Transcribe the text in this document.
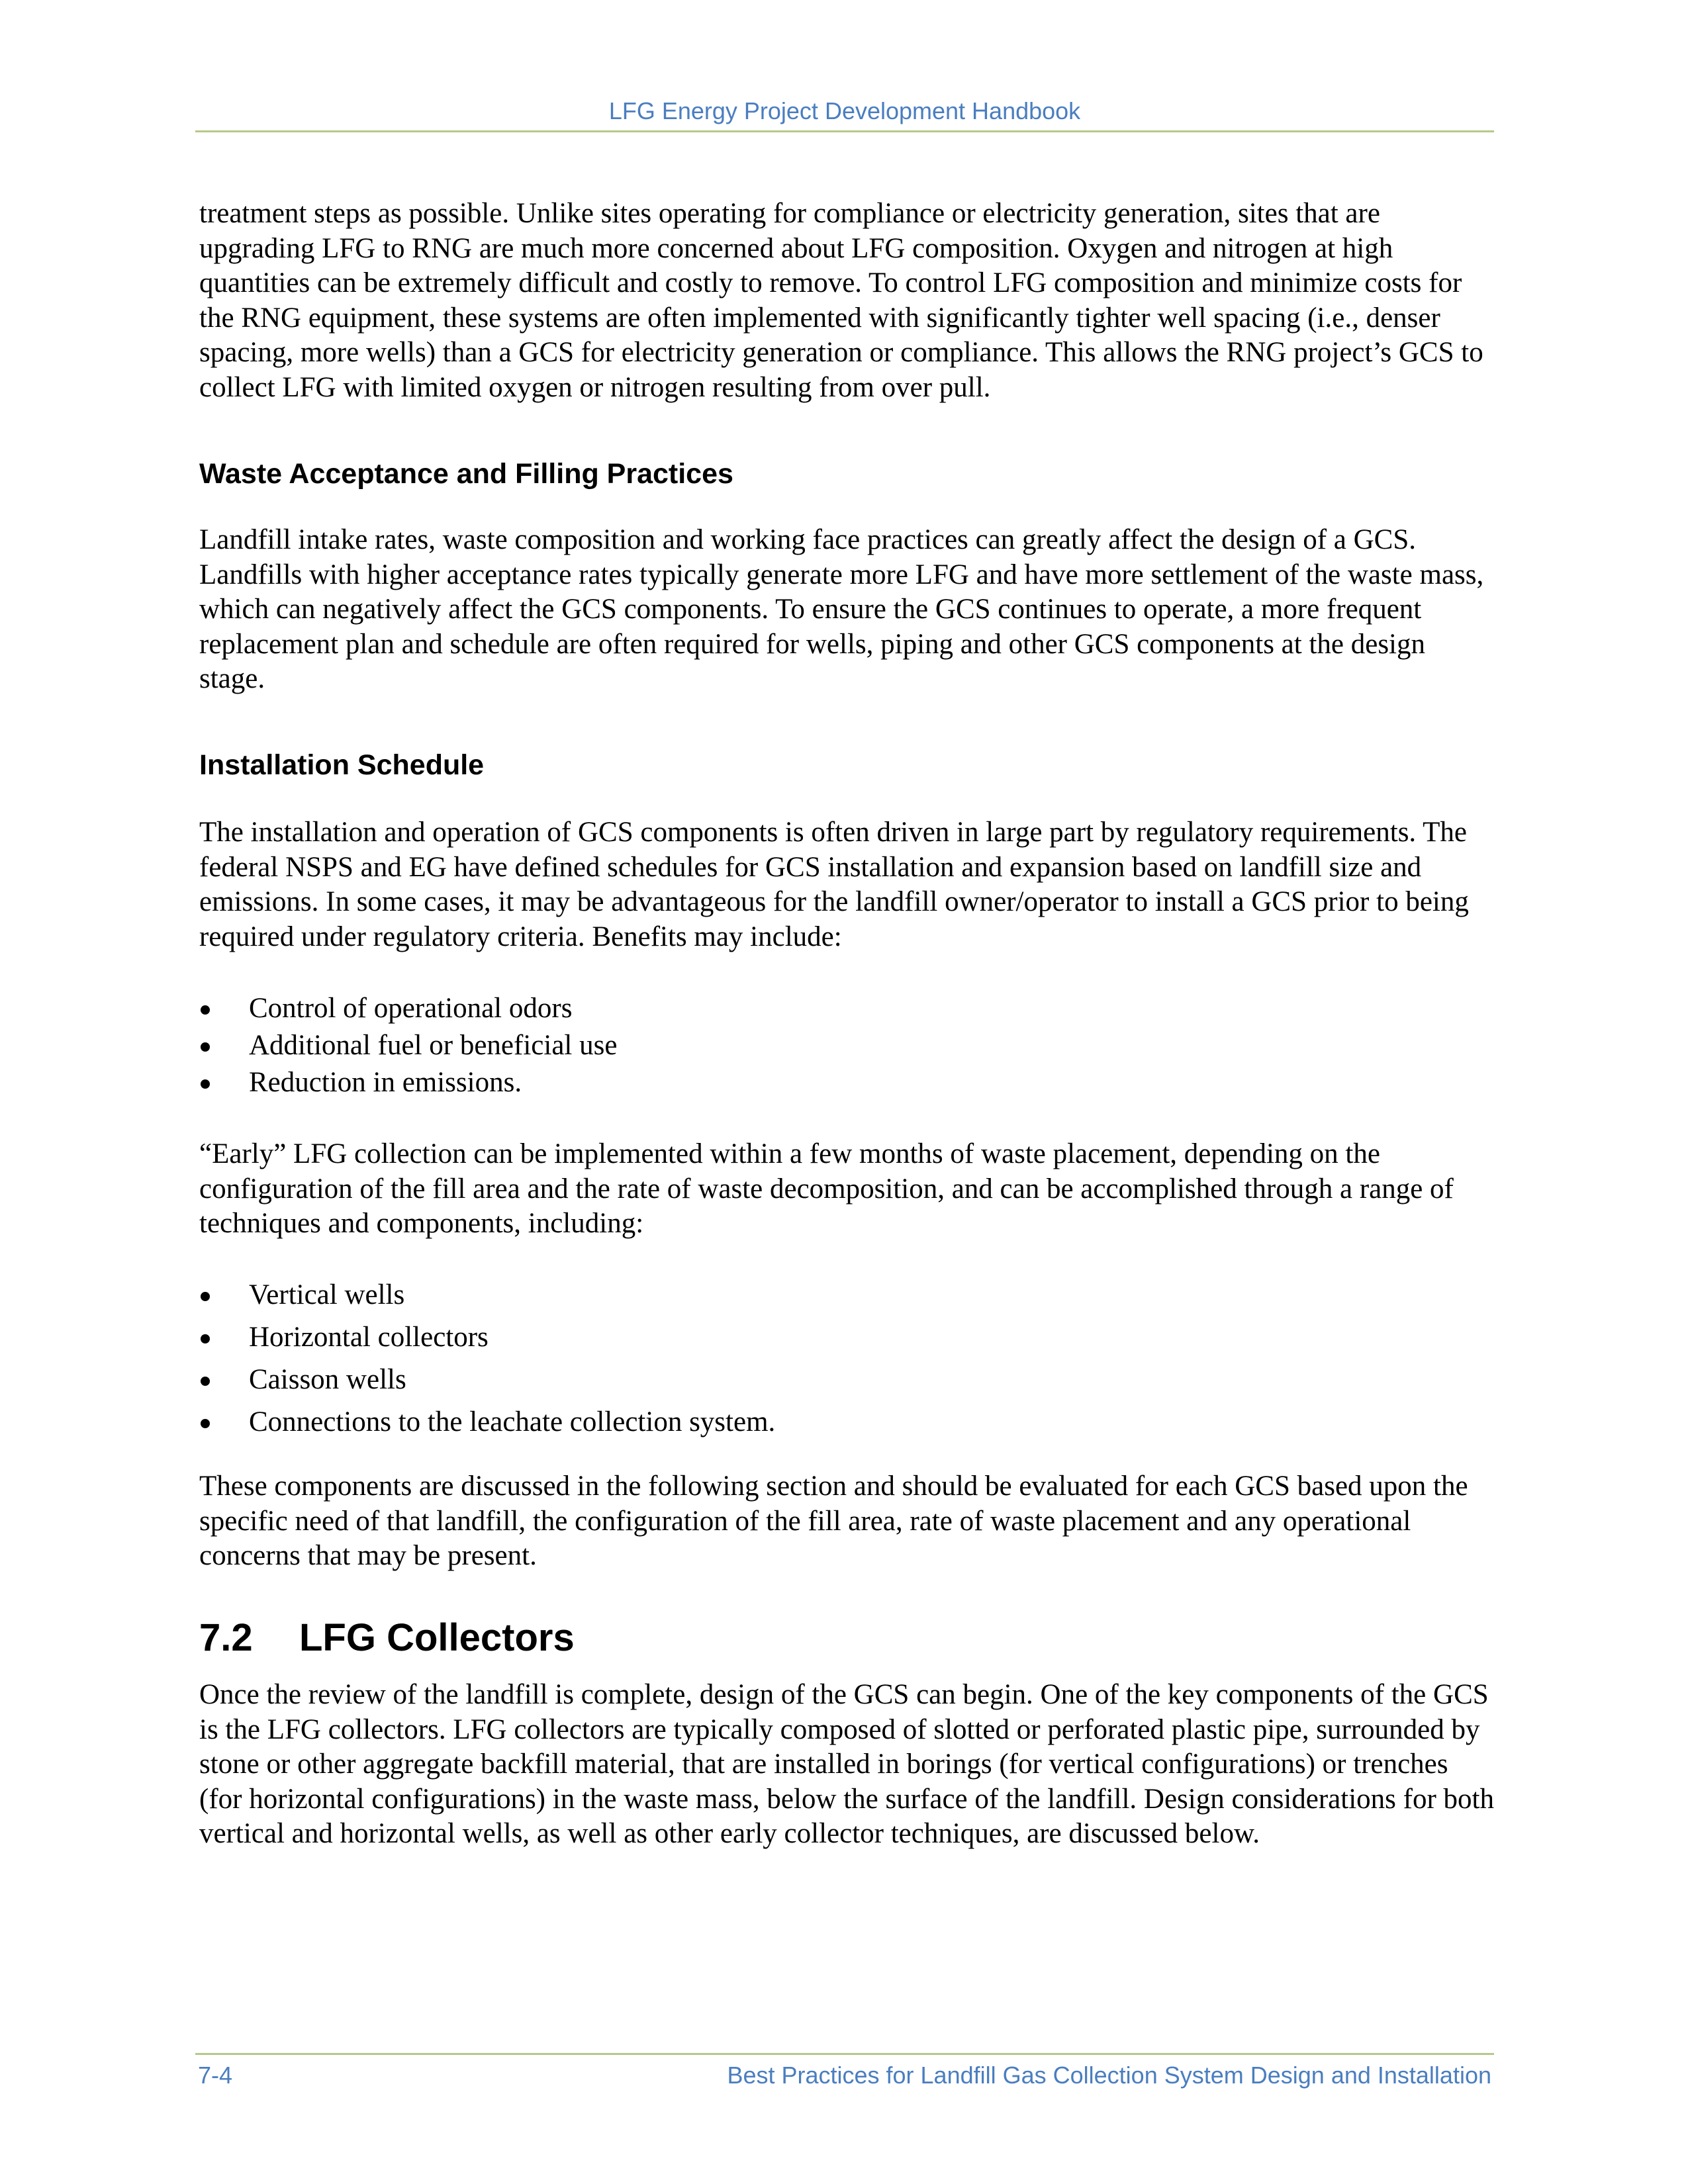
LFG Energy Project Development Handbook

treatment steps as possible. Unlike sites operating for compliance or electricity generation, sites that are upgrading LFG to RNG are much more concerned about LFG composition. Oxygen and nitrogen at high quantities can be extremely difficult and costly to remove. To control LFG composition and minimize costs for the RNG equipment, these systems are often implemented with significantly tighter well spacing (i.e., denser spacing, more wells) than a GCS for electricity generation or compliance. This allows the RNG project’s GCS to collect LFG with limited oxygen or nitrogen resulting from over pull.

Waste Acceptance and Filling Practices

Landfill intake rates, waste composition and working face practices can greatly affect the design of a GCS. Landfills with higher acceptance rates typically generate more LFG and have more settlement of the waste mass, which can negatively affect the GCS components. To ensure the GCS continues to operate, a more frequent replacement plan and schedule are often required for wells, piping and other GCS components at the design stage.

Installation Schedule

The installation and operation of GCS components is often driven in large part by regulatory requirements. The federal NSPS and EG have defined schedules for GCS installation and expansion based on landfill size and emissions. In some cases, it may be advantageous for the landfill owner/operator to install a GCS prior to being required under regulatory criteria. Benefits may include:

Control of operational odors
Additional fuel or beneficial use
Reduction in emissions.

“Early” LFG collection can be implemented within a few months of waste placement, depending on the configuration of the fill area and the rate of waste decomposition, and can be accomplished through a range of techniques and components, including:

Vertical wells
Horizontal collectors
Caisson wells
Connections to the leachate collection system.

These components are discussed in the following section and should be evaluated for each GCS based upon the specific need of that landfill, the configuration of the fill area, rate of waste placement and any operational concerns that may be present.

7.2	LFG Collectors

Once the review of the landfill is complete, design of the GCS can begin. One of the key components of the GCS is the LFG collectors. LFG collectors are typically composed of slotted or perforated plastic pipe, surrounded by stone or other aggregate backfill material, that are installed in borings (for vertical configurations) or trenches (for horizontal configurations) in the waste mass, below the surface of the landfill. Design considerations for both vertical and horizontal wells, as well as other early collector techniques, are discussed below.

7-4	Best Practices for Landfill Gas Collection System Design and Installation
